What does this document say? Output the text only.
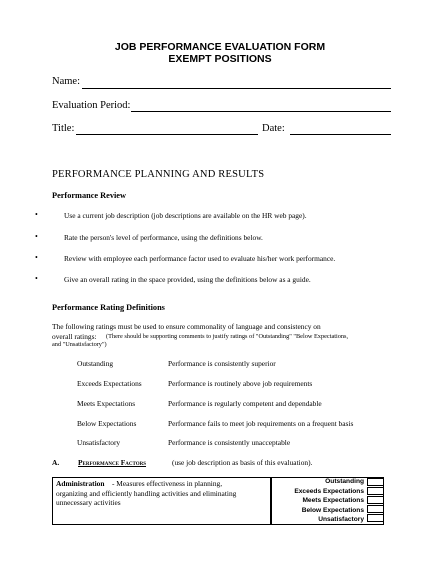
JOB PERFORMANCE EVALUATION FORM
EXEMPT POSITIONS
Name:
Evaluation Period:
Title:	Date:
PERFORMANCE PLANNING AND RESULTS
Performance Review
•	Use a current job description (job descriptions are available on the HR web page).
•	Rate the person's level of performance, using the definitions below.
•	Review with employee each performance factor used to evaluate his/her work performance.
•	Give an overall rating in the space provided, using the definitions below as a guide.
Performance Rating Definitions
The following ratings must be used to ensure commonality of language and consistency on
overall ratings: (There should be supporting comments to justify ratings of "Outstanding" "Below Expectations,
and "Unsatisfactory")
Outstanding	Performance is consistently superior
Exceeds Expectations	Performance is routinely above job requirements
Meets Expectations	Performance is regularly competent and dependable
Below Expectations	Performance fails to meet job requirements on a frequent basis
Unsatisfactory	Performance is consistently unacceptable
A.	Performance Factors	(use job description as basis of this evaluation).
Administration - Measures effectiveness in planning,
organizing and efficiently handling activities and eliminating
unnecessary activities
Outstanding
Exceeds Expectations
Meets Expectations
Below Expectations
Unsatisfactory
